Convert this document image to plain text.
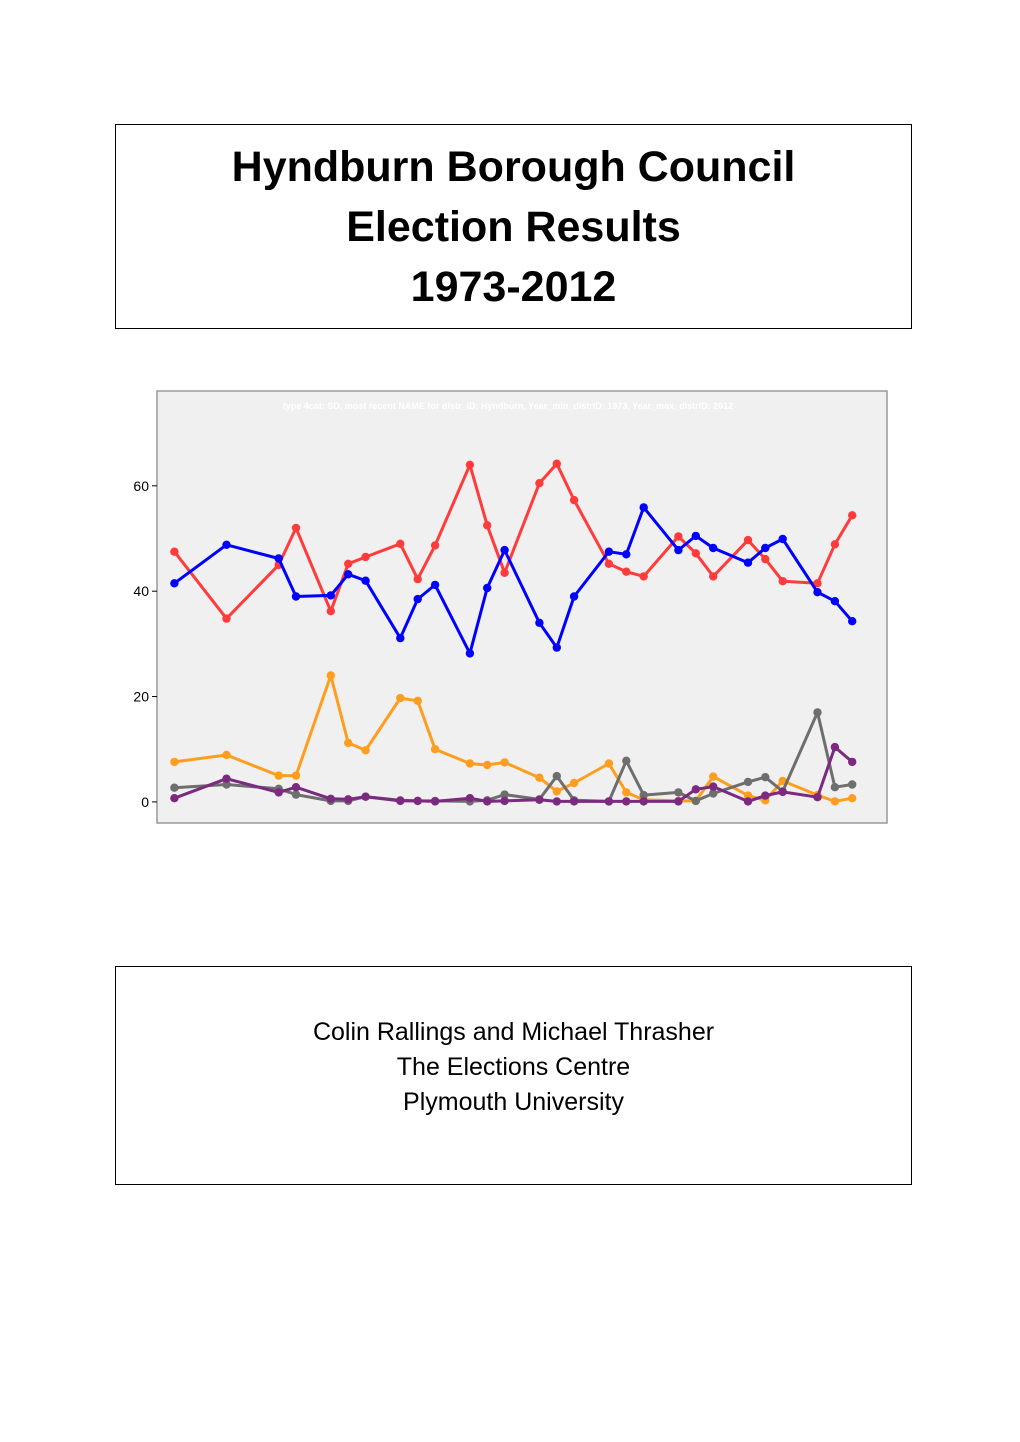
Hyndburn Borough Council
Election Results
1973-2012
type 4cat: SD, most recent NAME for distr_ID: Hyndburn, Year_min_distrID: 1973, Year_max_distrID: 2012
0
20
40
60
Colin Rallings and Michael Thrasher
The Elections Centre
Plymouth University
